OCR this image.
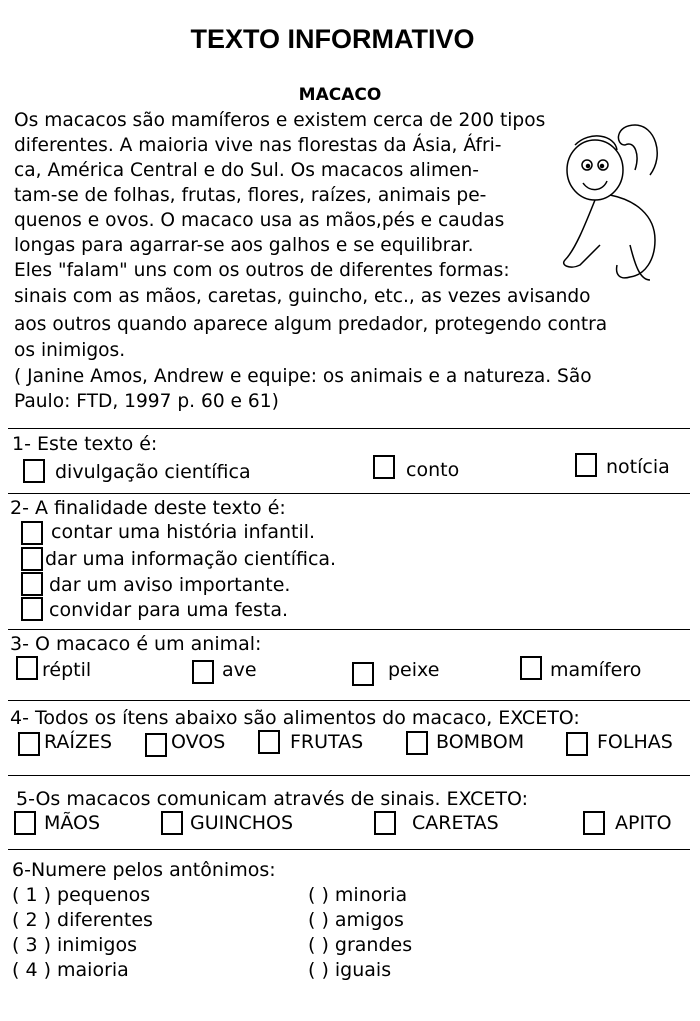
TEXTO INFORMATIVO
MACACO
Os macacos são mamíferos e existem cerca de 200 tipos
diferentes. A maioria vive nas florestas da Ásia, Áfri-
ca, América Central e do Sul. Os macacos alimen-
tam-se de folhas, frutas, flores, raízes, animais pe-
quenos e ovos. O macaco usa as mãos,pés e caudas
longas para agarrar-se aos galhos e se equilibrar.
Eles "falam" uns com os outros de diferentes formas:
sinais com as mãos, caretas, guincho, etc., as vezes avisando
aos outros quando aparece algum predador, protegendo contra
os inimigos.
( Janine Amos, Andrew e equipe: os animais e a natureza. São
Paulo: FTD, 1997 p. 60 e 61)
1- Este texto é:
divulgação científica	conto	notícia
2- A finalidade deste texto é:
contar uma história infantil.
dar uma informação científica.
dar um aviso importante.
convidar para uma festa.
3- O macaco é um animal:
réptil	ave	peixe	mamífero
4- Todos os ítens abaixo são alimentos do macaco, EXCETO:
RAÍZES	OVOS	FRUTAS	BOMBOM	FOLHAS
5-Os macacos comunicam através de sinais. EXCETO:
MÃOS	GUINCHOS	CARETAS	APITO
6-Numere pelos antônimos:
( 1 ) pequenos
( 2 ) diferentes
( 3 ) inimigos
( 4 ) maioria
( ) minoria
( ) amigos
( ) grandes
( ) iguais
